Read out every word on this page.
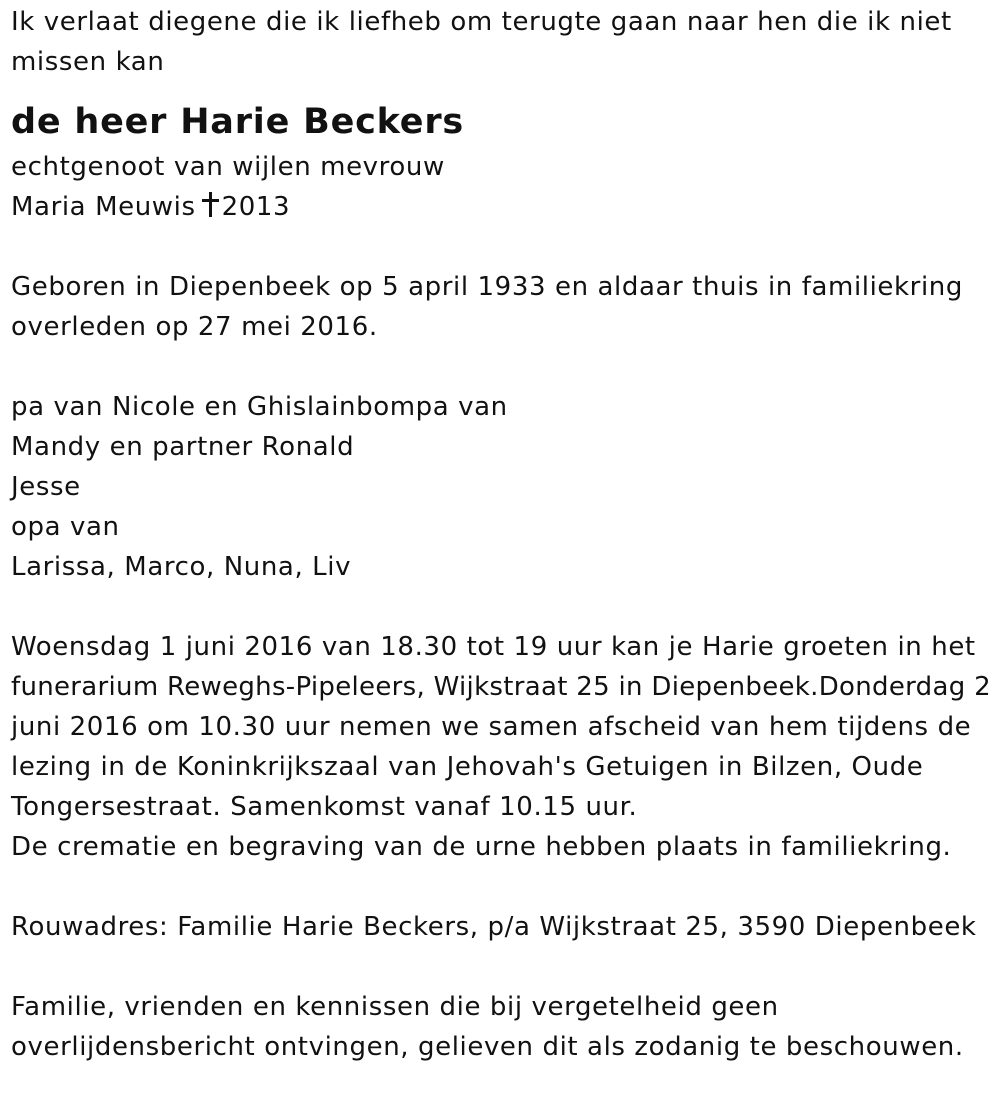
Ik verlaat diegene die ik liefheb om terugte gaan naar hen die ik niet
missen kan
de heer Harie Beckers
echtgenoot van wijlen mevrouw
Maria Meuwis 2013
Geboren in Diepenbeek op 5 april 1933 en aldaar thuis in familiekring
overleden op 27 mei 2016.
pa van Nicole en Ghislainbompa van
Mandy en partner Ronald
Jesse
opa van
Larissa, Marco, Nuna, Liv
Woensdag 1 juni 2016 van 18.30 tot 19 uur kan je Harie groeten in het
funerarium Reweghs-Pipeleers, Wijkstraat 25 in Diepenbeek.Donderdag 2
juni 2016 om 10.30 uur nemen we samen afscheid van hem tijdens de
lezing in de Koninkrijkszaal van Jehovah's Getuigen in Bilzen, Oude
Tongersestraat. Samenkomst vanaf 10.15 uur.
De crematie en begraving van de urne hebben plaats in familiekring.
Rouwadres: Familie Harie Beckers, p/a Wijkstraat 25, 3590 Diepenbeek
Familie, vrienden en kennissen die bij vergetelheid geen
overlijdensbericht ontvingen, gelieven dit als zodanig te beschouwen.
